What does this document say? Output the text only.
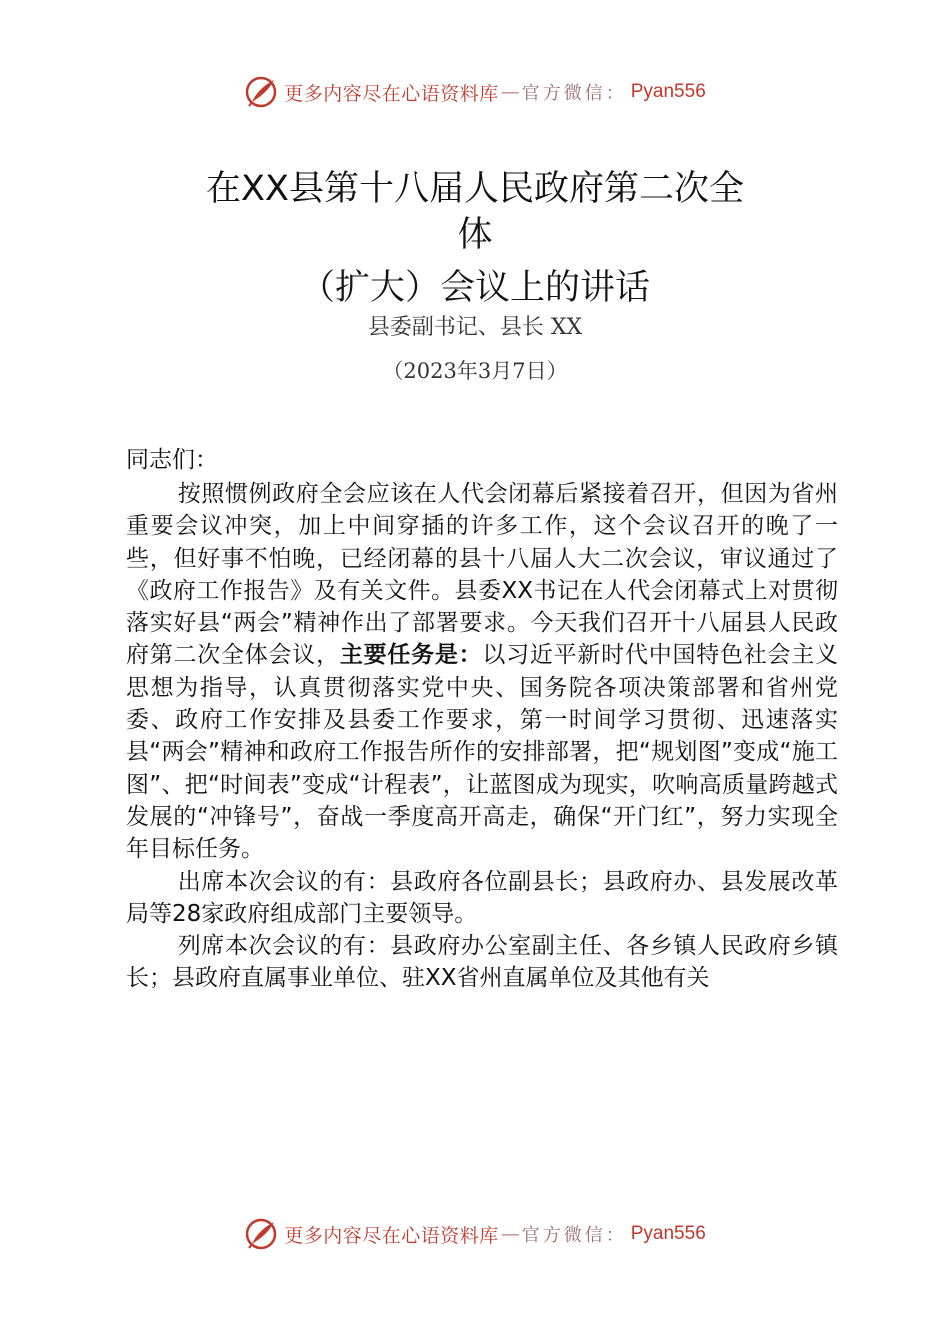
更多内容尽在心语资料库 — 官方微信： Pyan556
在XX县第十八届人民政府第二次全
体
（扩大）会议上的讲话
县委副书记、县长 XX
（2023年3月7日）
同志们：

按照惯例政府全会应该在人代会闭幕后紧接着召开，但因为省州重要会议冲突，加上中间穿插的许多工作，这个会议召开的晚了一些，但好事不怕晚，已经闭幕的县十八届人大二次会议，审议通过了《政府工作报告》及有关文件。县委XX书记在人代会闭幕式上对贯彻落实好县“两会”精神作出了部署要求。今天我们召开十八届县人民政府第二次全体会议，主要任务是：以习近平新时代中国特色社会主义思想为指导，认真贯彻落实党中央、国务院各项决策部署和省州党委、政府工作安排及县委工作要求，第一时间学习贯彻、迅速落实县“两会”精神和政府工作报告所作的安排部署，把“规划图”变成“施工图”、把“时间表”变成“计程表”，让蓝图成为现实，吹响高质量跨越式发展的“冲锋号”，奋战一季度高开高走，确保“开门红”，努力实现全年目标任务。

出席本次会议的有：县政府各位副县长；县政府办、县发展改革局等28家政府组成部门主要领导。

列席本次会议的有：县政府办公室副主任、各乡镇人民政府乡镇长；县政府直属事业单位、驻XX省州直属单位及其他有关

更多内容尽在心语资料库 — 官方微信： Pyan556
